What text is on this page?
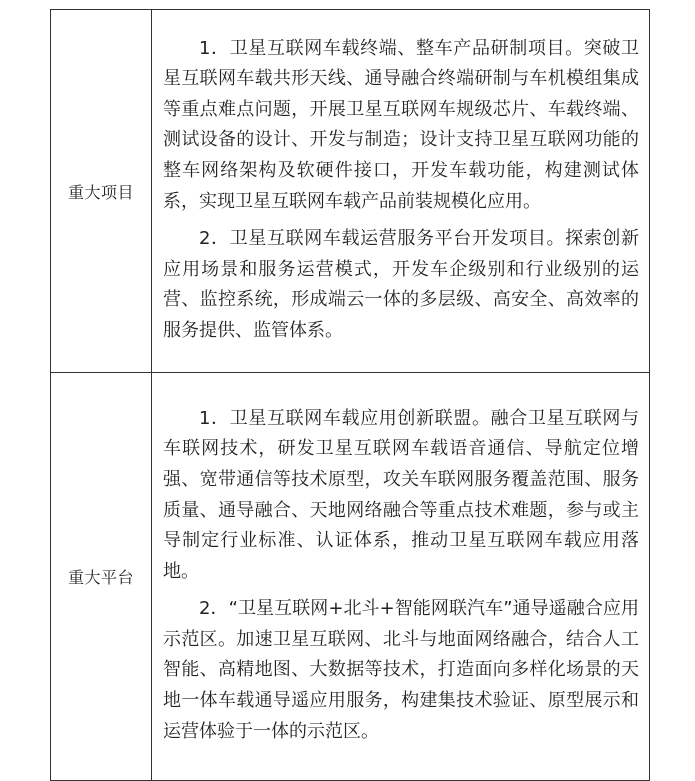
重大项目	1．卫星互联网车载终端、整车产品研制项目。突破卫星互联网车载共形天线、通导融合终端研制与车机模组集成等重点难点问题，开展卫星互联网车规级芯片、车载终端、测试设备的设计、开发与制造；设计支持卫星互联网功能的整车网络架构及软硬件接口，开发车载功能，构建测试体系，实现卫星互联网车载产品前装规模化应用。

2．卫星互联网车载运营服务平台开发项目。探索创新应用场景和服务运营模式，开发车企级别和行业级别的运营、监控系统，形成端云一体的多层级、高安全、高效率的服务提供、监管体系。

重大平台	1．卫星互联网车载应用创新联盟。融合卫星互联网与车联网技术，研发卫星互联网车载语音通信、导航定位增强、宽带通信等技术原型，攻关车联网服务覆盖范围、服务质量、通导融合、天地网络融合等重点技术难题，参与或主导制定行业标准、认证体系，推动卫星互联网车载应用落地。

2．“卫星互联网+北斗+智能网联汽车”通导遥融合应用示范区。加速卫星互联网、北斗与地面网络融合，结合人工智能、高精地图、大数据等技术，打造面向多样化场景的天地一体车载通导遥应用服务，构建集技术验证、原型展示和运营体验于一体的示范区。
